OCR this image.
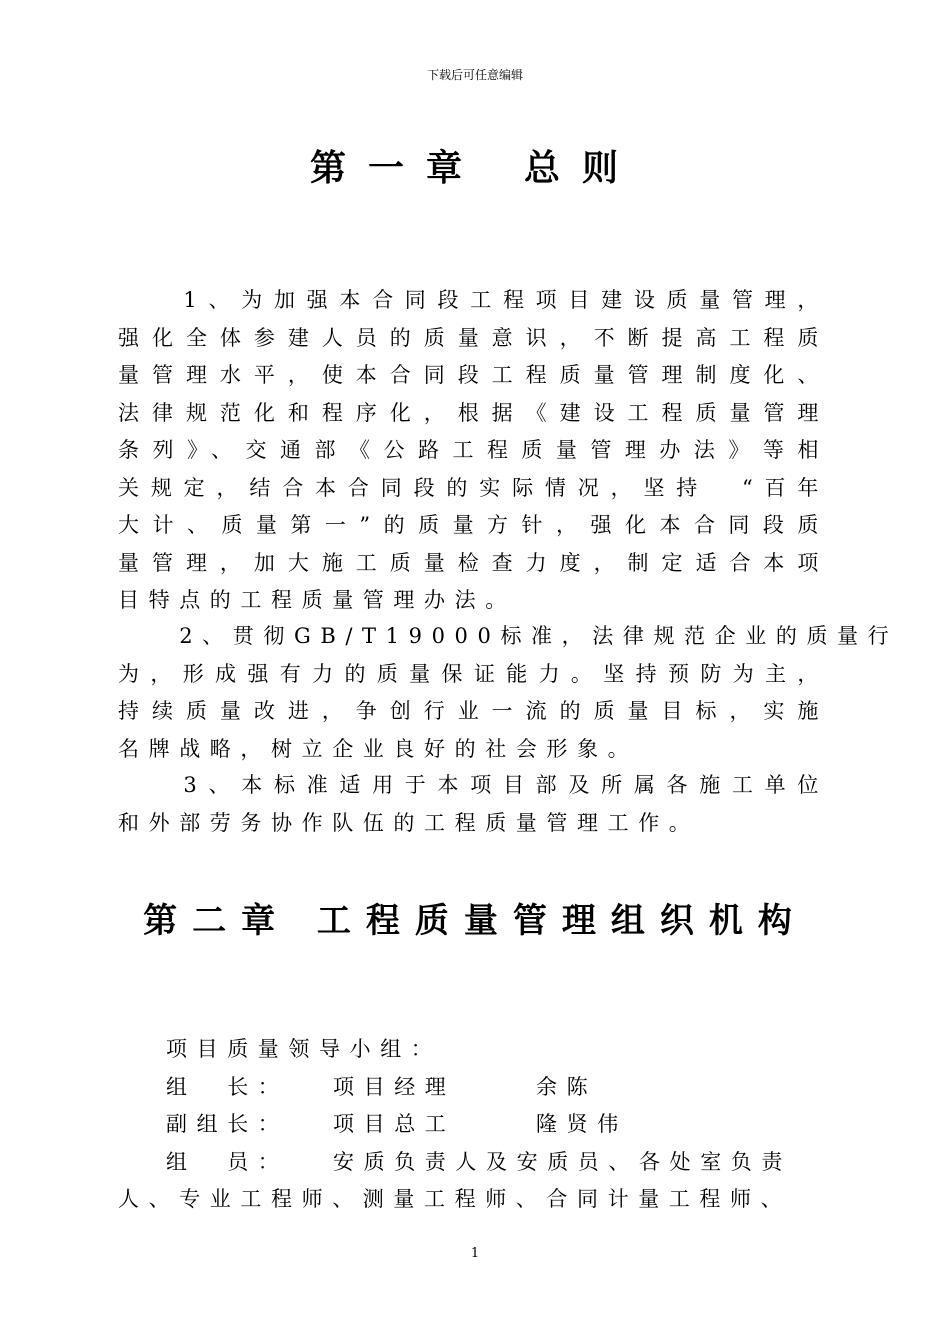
下载后可任意编辑
第一章 总则
　　1、为加强本合同段工程项目建设质量管理，
强化全体参建人员的质量意识，不断提高工程质
量管理水平，使本合同段工程质量管理制度化、
法律规范化和程序化，根据《建设工程质量管理
条列》、交通部《公路工程质量管理办法》等相
关规定，结合本合同段的实际情况，坚持　“百年
大计、质量第一”的质量方针，强化本合同段质
量管理，加大施工质量检查力度，制定适合本项
目特点的工程质量管理办法。
　　2、贯彻GB/T19000标准，法律规范企业的质量行
为，形成强有力的质量保证能力。坚持预防为主，
持续质量改进，争创行业一流的质量目标，实施
名牌战略，树立企业良好的社会形象。
　　3、本标准适用于本项目部及所属各施工单位
和外部劳务协作队伍的工程质量管理工作。
第二章 工程质量管理组织机构
项目质量领导小组：
组　长： 项目经理	余陈
副组长： 项目总工	隆贤伟
组　员： 安质负责人及安质员、各处室负责
人、专业工程师、测量工程师、合同计量工程师、
1
